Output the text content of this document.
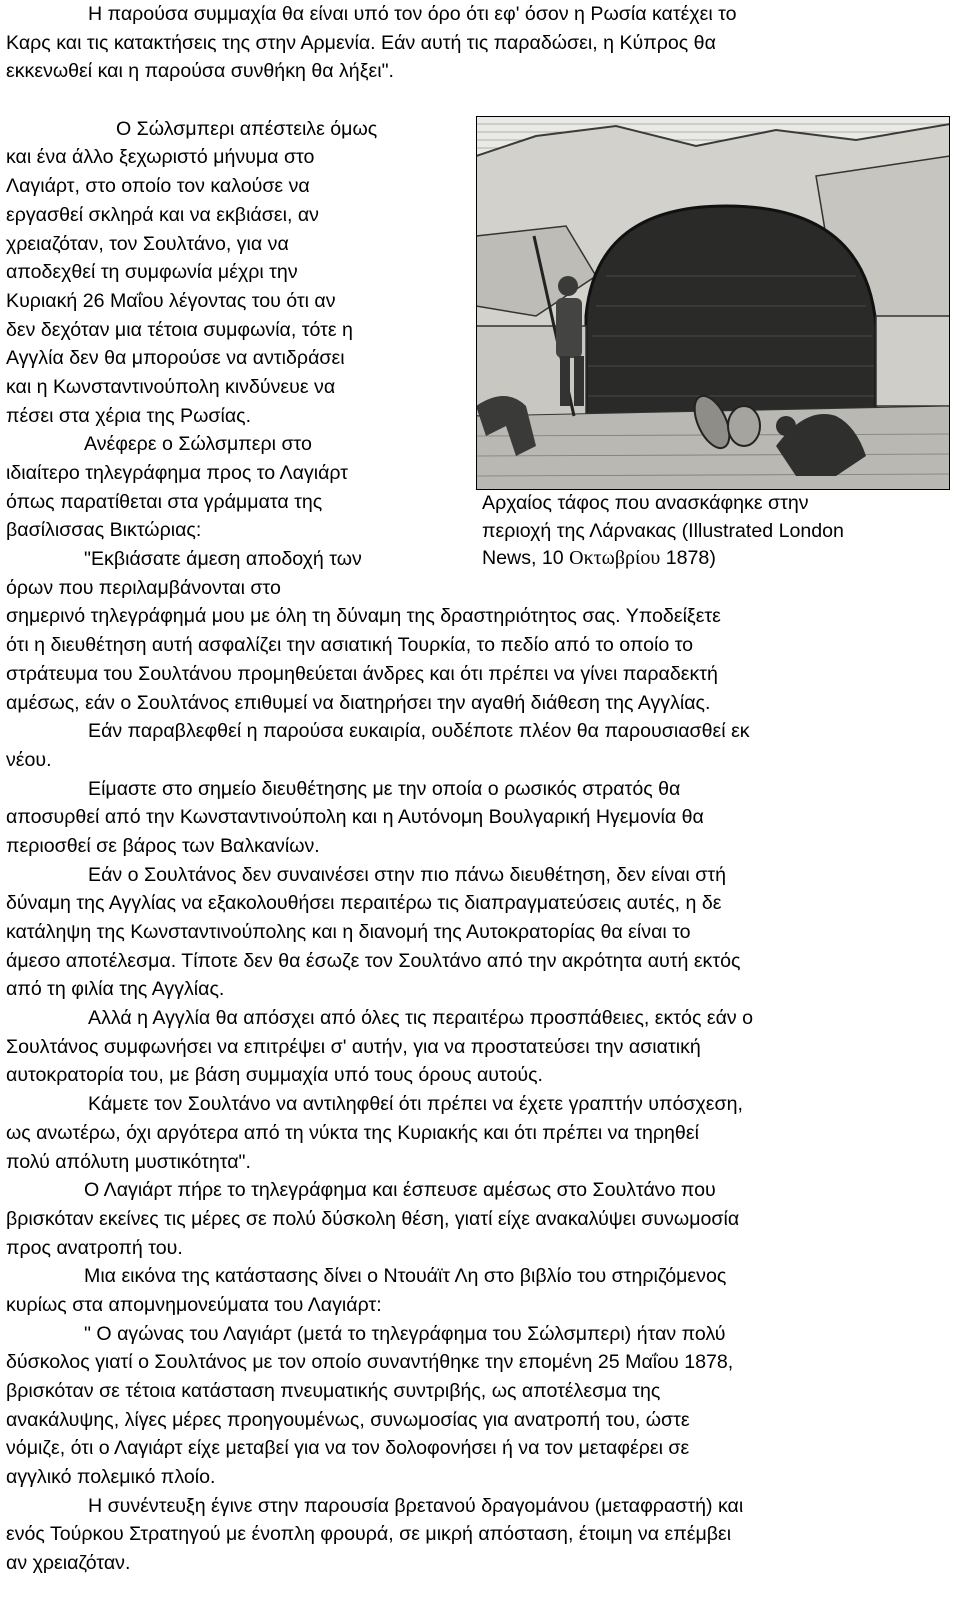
Η παρούσα συμμαχία θα είναι υπό τον όρο ότι εφ' όσον η Ρωσία κατέχει το
Καρς και τις κατακτήσεις της στην Αρμενία. Εάν αυτή τις παραδώσει, η Κύπρος θα
εκκενωθεί και η παρούσα συνθήκη θα λήξει".
Ο Σώλσμπερι απέστειλε όμως
και ένα άλλο ξεχωριστό μήνυμα στο
Λαγιάρτ, στο οποίο τον καλούσε να
εργασθεί σκληρά και να εκβιάσει, αν
χρειαζόταν, τον Σουλτάνο, για να
αποδεχθεί τη συμφωνία μέχρι την
Κυριακή 26 Μαΐου λέγοντας του ότι αν
δεν δεχόταν μια τέτοια συμφωνία, τότε η
Αγγλία δεν θα μπορούσε να αντιδράσει
και η Κωνσταντινούπολη κινδύνευε να
πέσει στα χέρια της Ρωσίας.
Ανέφερε ο Σώλσμπερι στο
ιδιαίτερο τηλεγράφημα προς το Λαγιάρτ
όπως παρατίθεται στα γράμματα της
βασίλισσας Βικτώριας:
"Εκβιάσατε άμεση αποδοχή των
όρων που περιλαμβάνονται στο
σημερινό τηλεγράφημά μου με όλη τη δύναμη της δραστηριότητος σας. Υποδείξετε
ότι η διευθέτηση αυτή ασφαλίζει την ασιατική Τουρκία, το πεδίο από το οποίο το
στράτευμα του Σουλτάνου προμηθεύεται άνδρες και ότι πρέπει να γίνει παραδεκτή
αμέσως, εάν ο Σουλτάνος επιθυμεί να διατηρήσει την αγαθή διάθεση της Αγγλίας.
Εάν παραβλεφθεί η παρούσα ευκαιρία, ουδέποτε πλέον θα παρουσιασθεί εκ
νέου.
Είμαστε στο σημείο διευθέτησης με την οποία ο ρωσικός στρατός θα
αποσυρθεί από την Κωνσταντινούπολη και η Αυτόνομη Βουλγαρική Ηγεμονία θα
περιοσθεί σε βάρος των Βαλκανίων.
Εάν ο Σουλτάνος δεν συναινέσει στην πιο πάνω διευθέτηση, δεν είναι στή
δύναμη της Αγγλίας να εξακολουθήσει περαιτέρω τις διαπραγματεύσεις αυτές, η δε
κατάληψη της Κωνσταντινούπολης και η διανομή της Αυτοκρατορίας θα είναι το
άμεσο αποτέλεσμα. Τίποτε δεν θα έσωζε τον Σουλτάνο από την ακρότητα αυτή εκτός
από τη φιλία της Αγγλίας.
Αλλά η Αγγλία θα απόσχει από όλες τις περαιτέρω προσπάθειες, εκτός εάν ο
Σουλτάνος συμφωνήσει να επιτρέψει σ' αυτήν, για να προστατεύσει την ασιατική
αυτοκρατορία του, με βάση συμμαχία υπό τους όρους αυτούς.
Κάμετε τον Σουλτάνο να αντιληφθεί ότι πρέπει να έχετε γραπτήν υπόσχεση,
ως ανωτέρω, όχι αργότερα από τη νύκτα της Κυριακής και ότι πρέπει να τηρηθεί
πολύ απόλυτη μυστικότητα".
Ο Λαγιάρτ πήρε το τηλεγράφημα και έσπευσε αμέσως στο Σουλτάνο που
βρισκόταν εκείνες τις μέρες σε πολύ δύσκολη θέση, γιατί είχε ανακαλύψει συνωμοσία
προς ανατροπή του.
Μια εικόνα της κατάστασης δίνει ο Ντουάϊτ Λη στο βιβλίο του στηριζόμενος
κυρίως στα απομνημονεύματα του Λαγιάρτ:
" Ο αγώνας του Λαγιάρτ (μετά το τηλεγράφημα του Σώλσμπερι) ήταν πολύ
δύσκολος γιατί ο Σουλτάνος με τον οποίο συναντήθηκε την επομένη 25 Μαΐου 1878,
βρισκόταν σε τέτοια κατάσταση πνευματικής συντριβής, ως αποτέλεσμα της
ανακάλυψης, λίγες μέρες προηγουμένως, συνωμοσίας για ανατροπή του, ώστε
νόμιζε, ότι ο Λαγιάρτ είχε μεταβεί για να τον δολοφονήσει ή να τον μεταφέρει σε
αγγλικό πολεμικό πλοίο.
Η συνέντευξη έγινε στην παρουσία βρετανού δραγομάνου (μεταφραστή) και
ενός Τούρκου Στρατηγού με ένοπλη φρουρά, σε μικρή απόσταση, έτοιμη να επέμβει
αν χρειαζόταν.
Αρχαίος τάφος που ανασκάφηκε στην
περιοχή της Λάρνακας (Illustrated London
News, 10 Οκτωβρίου 1878)
